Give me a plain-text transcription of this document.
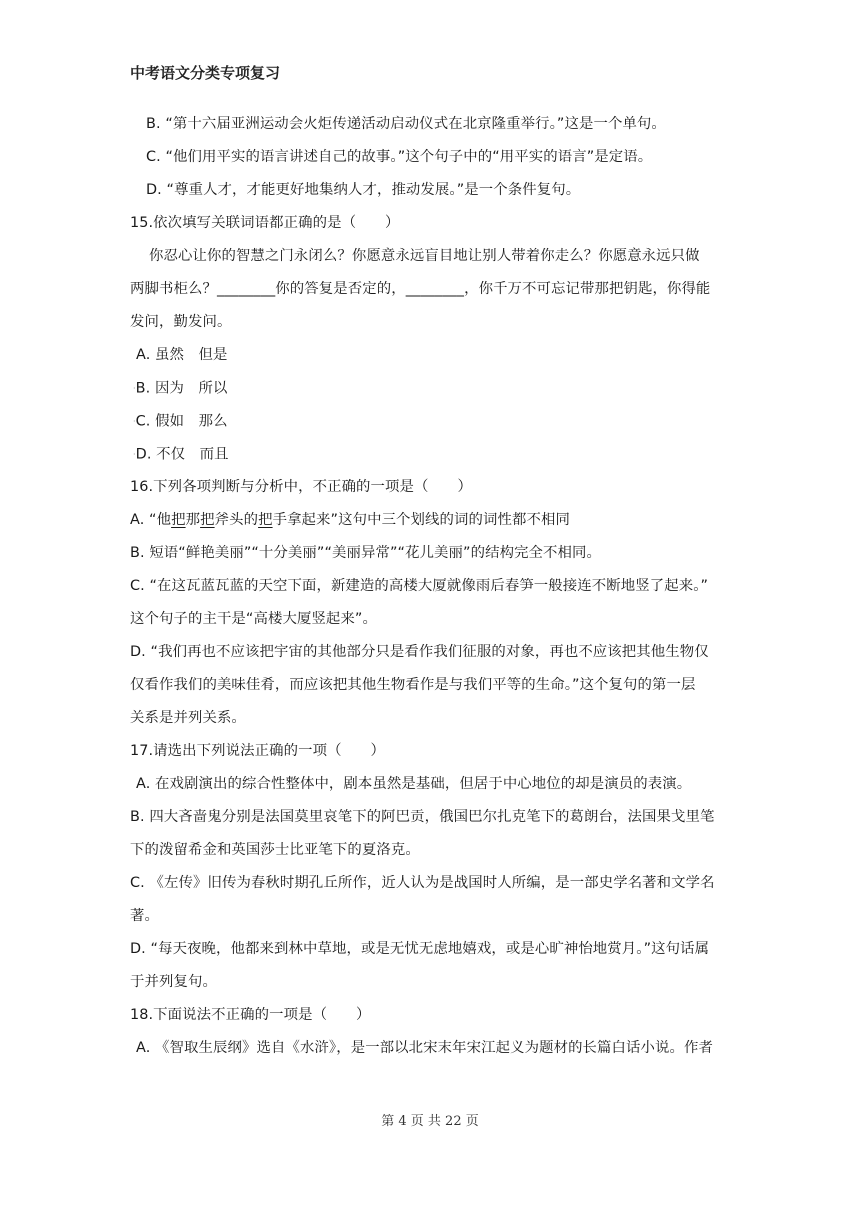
中考语文分类专项复习
B. “第十六届亚洲运动会火炬传递活动启动仪式在北京隆重举行。”这是一个单句。
C. “他们用平实的语言讲述自己的故事。”这个句子中的“用平实的语言”是定语。
D. “尊重人才，才能更好地集纳人才，推动发展。”是一个条件复句。
15.依次填写关联词语都正确的是（　　）
你忍心让你的智慧之门永闭么？你愿意永远盲目地让别人带着你走么？你愿意永远只做
两脚书柜么？________你的答复是否定的，________，你千万不可忘记带那把钥匙，你得能
发问，勤发问。
A. 虽然　但是
·B. 因为　所以
·C. 假如　那么
·D. 不仅　而且
16.下列各项判断与分析中，不正确的一项是（　　）
A. “他把那把斧头的把手拿起来”这句中三个划线的词的词性都不相同
B. 短语“鲜艳美丽”“十分美丽”“美丽异常”“花儿美丽”的结构完全不相同。
C. “在这瓦蓝瓦蓝的天空下面，新建造的高楼大厦就像雨后春笋一般接连不断地竖了起来。”
这个句子的主干是“高楼大厦竖起来”。
D. “我们再也不应该把宇宙的其他部分只是看作我们征服的对象，再也不应该把其他生物仅
仅看作我们的美味佳肴，而应该把其他生物看作是与我们平等的生命。”这个复句的第一层
关系是并列关系。
17.请选出下列说法正确的一项（　　）
A. 在戏剧演出的综合性整体中，剧本虽然是基础，但居于中心地位的却是演员的表演。
B. 四大吝啬鬼分别是法国莫里哀笔下的阿巴贡，俄国巴尔扎克笔下的葛朗台，法国果戈里笔
下的泼留希金和英国莎士比亚笔下的夏洛克。
C. 《左传》旧传为春秋时期孔丘所作，近人认为是战国时人所编，是一部史学名著和文学名
著。
D. “每天夜晚，他都来到林中草地，或是无忧无虑地嬉戏，或是心旷神怡地赏月。”这句话属
于并列复句。
18.下面说法不正确的一项是（　　）
A. 《智取生辰纲》选自《水浒》，是一部以北宋末年宋江起义为题材的长篇白话小说。作者
第 4 页 共 22 页
